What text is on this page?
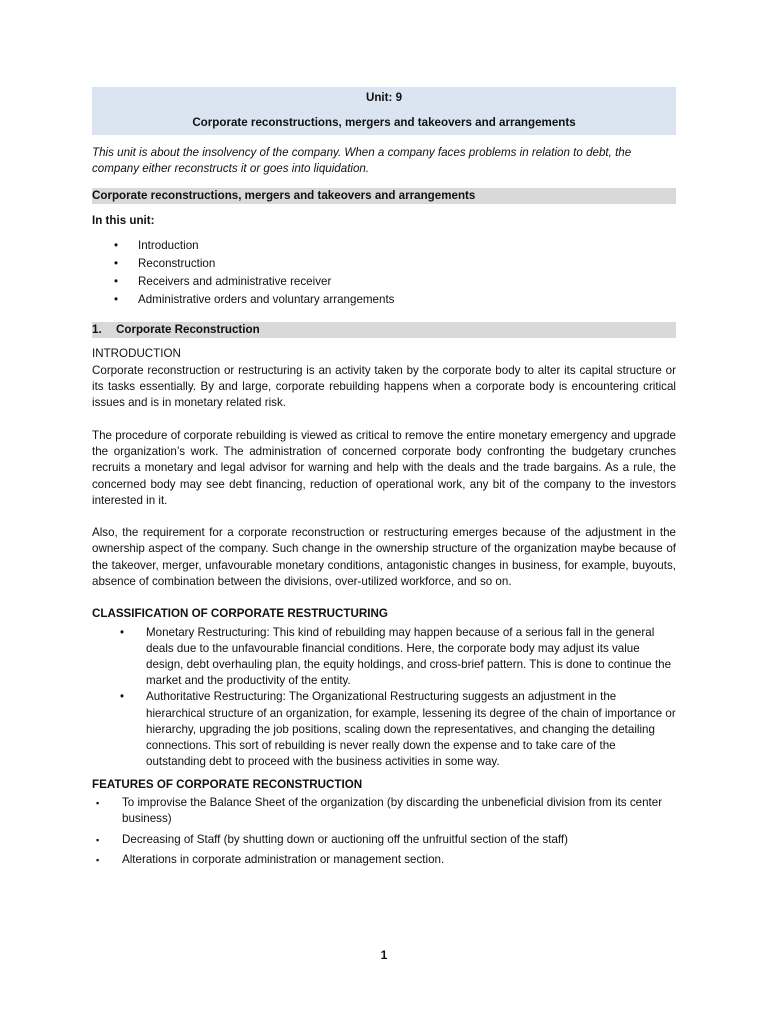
Unit: 9
Corporate reconstructions, mergers and takeovers and arrangements
This unit is about the insolvency of the company. When a company faces problems in relation to debt, the company either reconstructs it or goes into liquidation.
Corporate reconstructions, mergers and takeovers and arrangements
In this unit:
• Introduction
• Reconstruction
• Receivers and administrative receiver
• Administrative orders and voluntary arrangements
1. Corporate Reconstruction
INTRODUCTION

Corporate reconstruction or restructuring is an activity taken by the corporate body to alter its capital structure or its tasks essentially. By and large, corporate rebuilding happens when a corporate body is encountering critical issues and is in monetary related risk.

The procedure of corporate rebuilding is viewed as critical to remove the entire monetary emergency and upgrade the organization’s work. The administration of concerned corporate body confronting the budgetary crunches recruits a monetary and legal advisor for warning and help with the deals and the trade bargains. As a rule, the concerned body may see debt financing, reduction of operational work, any bit of the company to the investors interested in it.

Also, the requirement for a corporate reconstruction or restructuring emerges because of the adjustment in the ownership aspect of the company. Such change in the ownership structure of the organization maybe because of the takeover, merger, unfavourable monetary conditions, antagonistic changes in business, for example, buyouts, absence of combination between the divisions, over-utilized workforce, and so on.

CLASSIFICATION OF CORPORATE RESTRUCTURING
• Monetary Restructuring: This kind of rebuilding may happen because of a serious fall in the general deals due to the unfavourable financial conditions. Here, the corporate body may adjust its value design, debt overhauling plan, the equity holdings, and cross-brief pattern. This is done to continue the market and the productivity of the entity.
• Authoritative Restructuring: The Organizational Restructuring suggests an adjustment in the hierarchical structure of an organization, for example, lessening its degree of the chain of importance or hierarchy, upgrading the job positions, scaling down the representatives, and changing the detailing connections. This sort of rebuilding is never really down the expense and to take care of the outstanding debt to proceed with the business activities in some way.
FEATURES OF CORPORATE RECONSTRUCTION
▪ To improvise the Balance Sheet of the organization (by discarding the unbeneficial division from its center business)
▪ Decreasing of Staff (by shutting down or auctioning off the unfruitful section of the staff)
▪ Alterations in corporate administration or management section.
1
